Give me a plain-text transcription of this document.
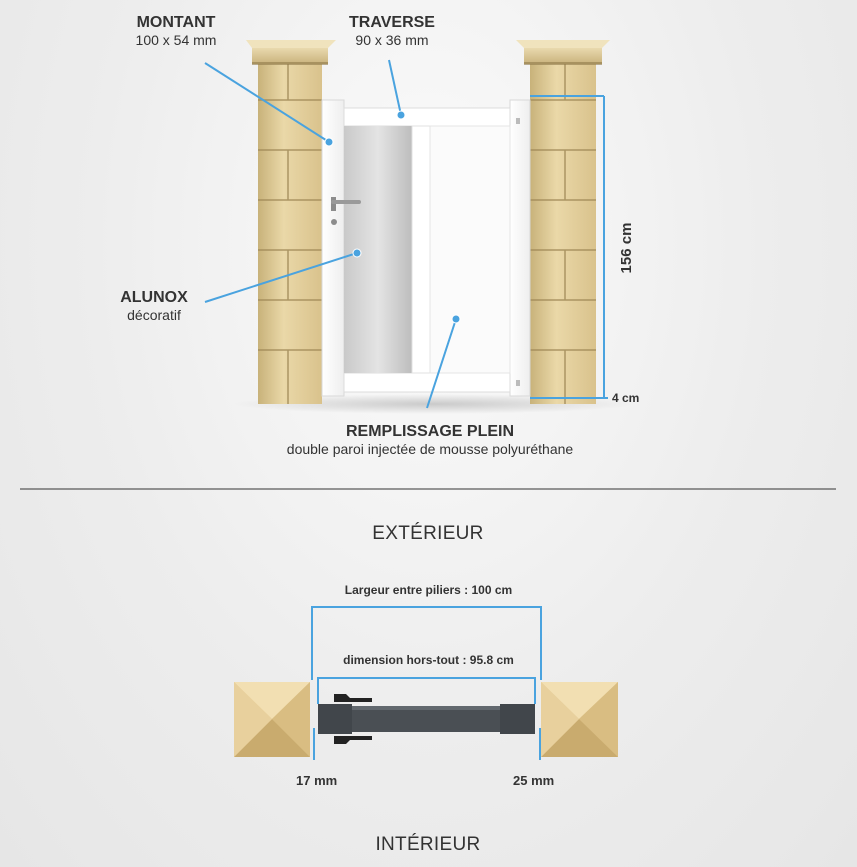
MONTANT
100 x 54 mm
TRAVERSE
90 x 36 mm
ALUNOX
décoratif
REMPLISSAGE PLEIN
double paroi injectée de mousse polyuréthane
156 cm
4 cm
EXTÉRIEUR
Largeur entre piliers : 100 cm
dimension hors-tout : 95.8 cm
17 mm	25 mm
INTÉRIEUR
